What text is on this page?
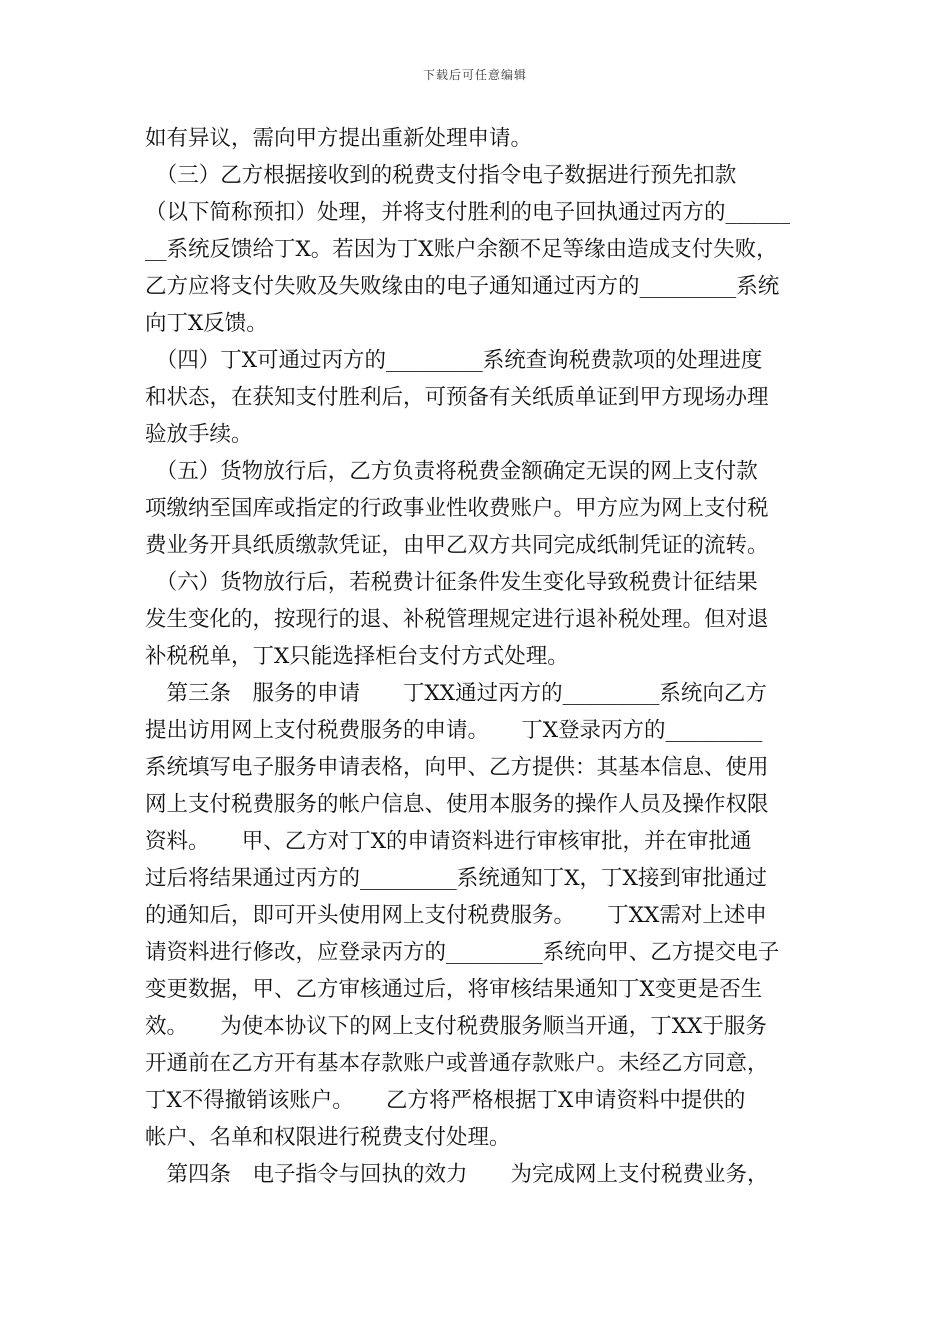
下载后可任意编辑
如有异议，需向甲方提出重新处理申请。
　（三）乙方根据接收到的税费支付指令电子数据进行预先扣款
（以下简称预扣）处理，并将支付胜利的电子回执通过丙方的______
__系统反馈给丁X。若因为丁X账户余额不足等缘由造成支付失败，
乙方应将支付失败及失败缘由的电子通知通过丙方的_________系统
向丁X反馈。
　（四）丁X可通过丙方的_________系统查询税费款项的处理进度
和状态，在获知支付胜利后，可预备有关纸质单证到甲方现场办理
验放手续。
　（五）货物放行后，乙方负责将税费金额确定无误的网上支付款
项缴纳至国库或指定的行政事业性收费账户。甲方应为网上支付税
费业务开具纸质缴款凭证，由甲乙双方共同完成纸制凭证的流转。
　（六）货物放行后，若税费计征条件发生变化导致税费计征结果
发生变化的，按现行的退、补税管理规定进行退补税处理。但对退
补税税单，丁X只能选择柜台支付方式处理。
　第三条　服务的申请　　丁XX通过丙方的_________系统向乙方
提出访用网上支付税费服务的申请。　　丁X登录丙方的_________
系统填写电子服务申请表格，向甲、乙方提供：其基本信息、使用
网上支付税费服务的帐户信息、使用本服务的操作人员及操作权限
资料。　　甲、乙方对丁X的申请资料进行审核审批，并在审批通
过后将结果通过丙方的_________系统通知丁X，丁X接到审批通过
的通知后，即可开头使用网上支付税费服务。　　丁XX需对上述申
请资料进行修改，应登录丙方的_________系统向甲、乙方提交电子
变更数据，甲、乙方审核通过后，将审核结果通知丁X变更是否生
效。　　为使本协议下的网上支付税费服务顺当开通，丁XX于服务
开通前在乙方开有基本存款账户或普通存款账户。未经乙方同意，
丁X不得撤销该账户。　　乙方将严格根据丁X申请资料中提供的
帐户、名单和权限进行税费支付处理。
　第四条　电子指令与回执的效力　　为完成网上支付税费业务，
